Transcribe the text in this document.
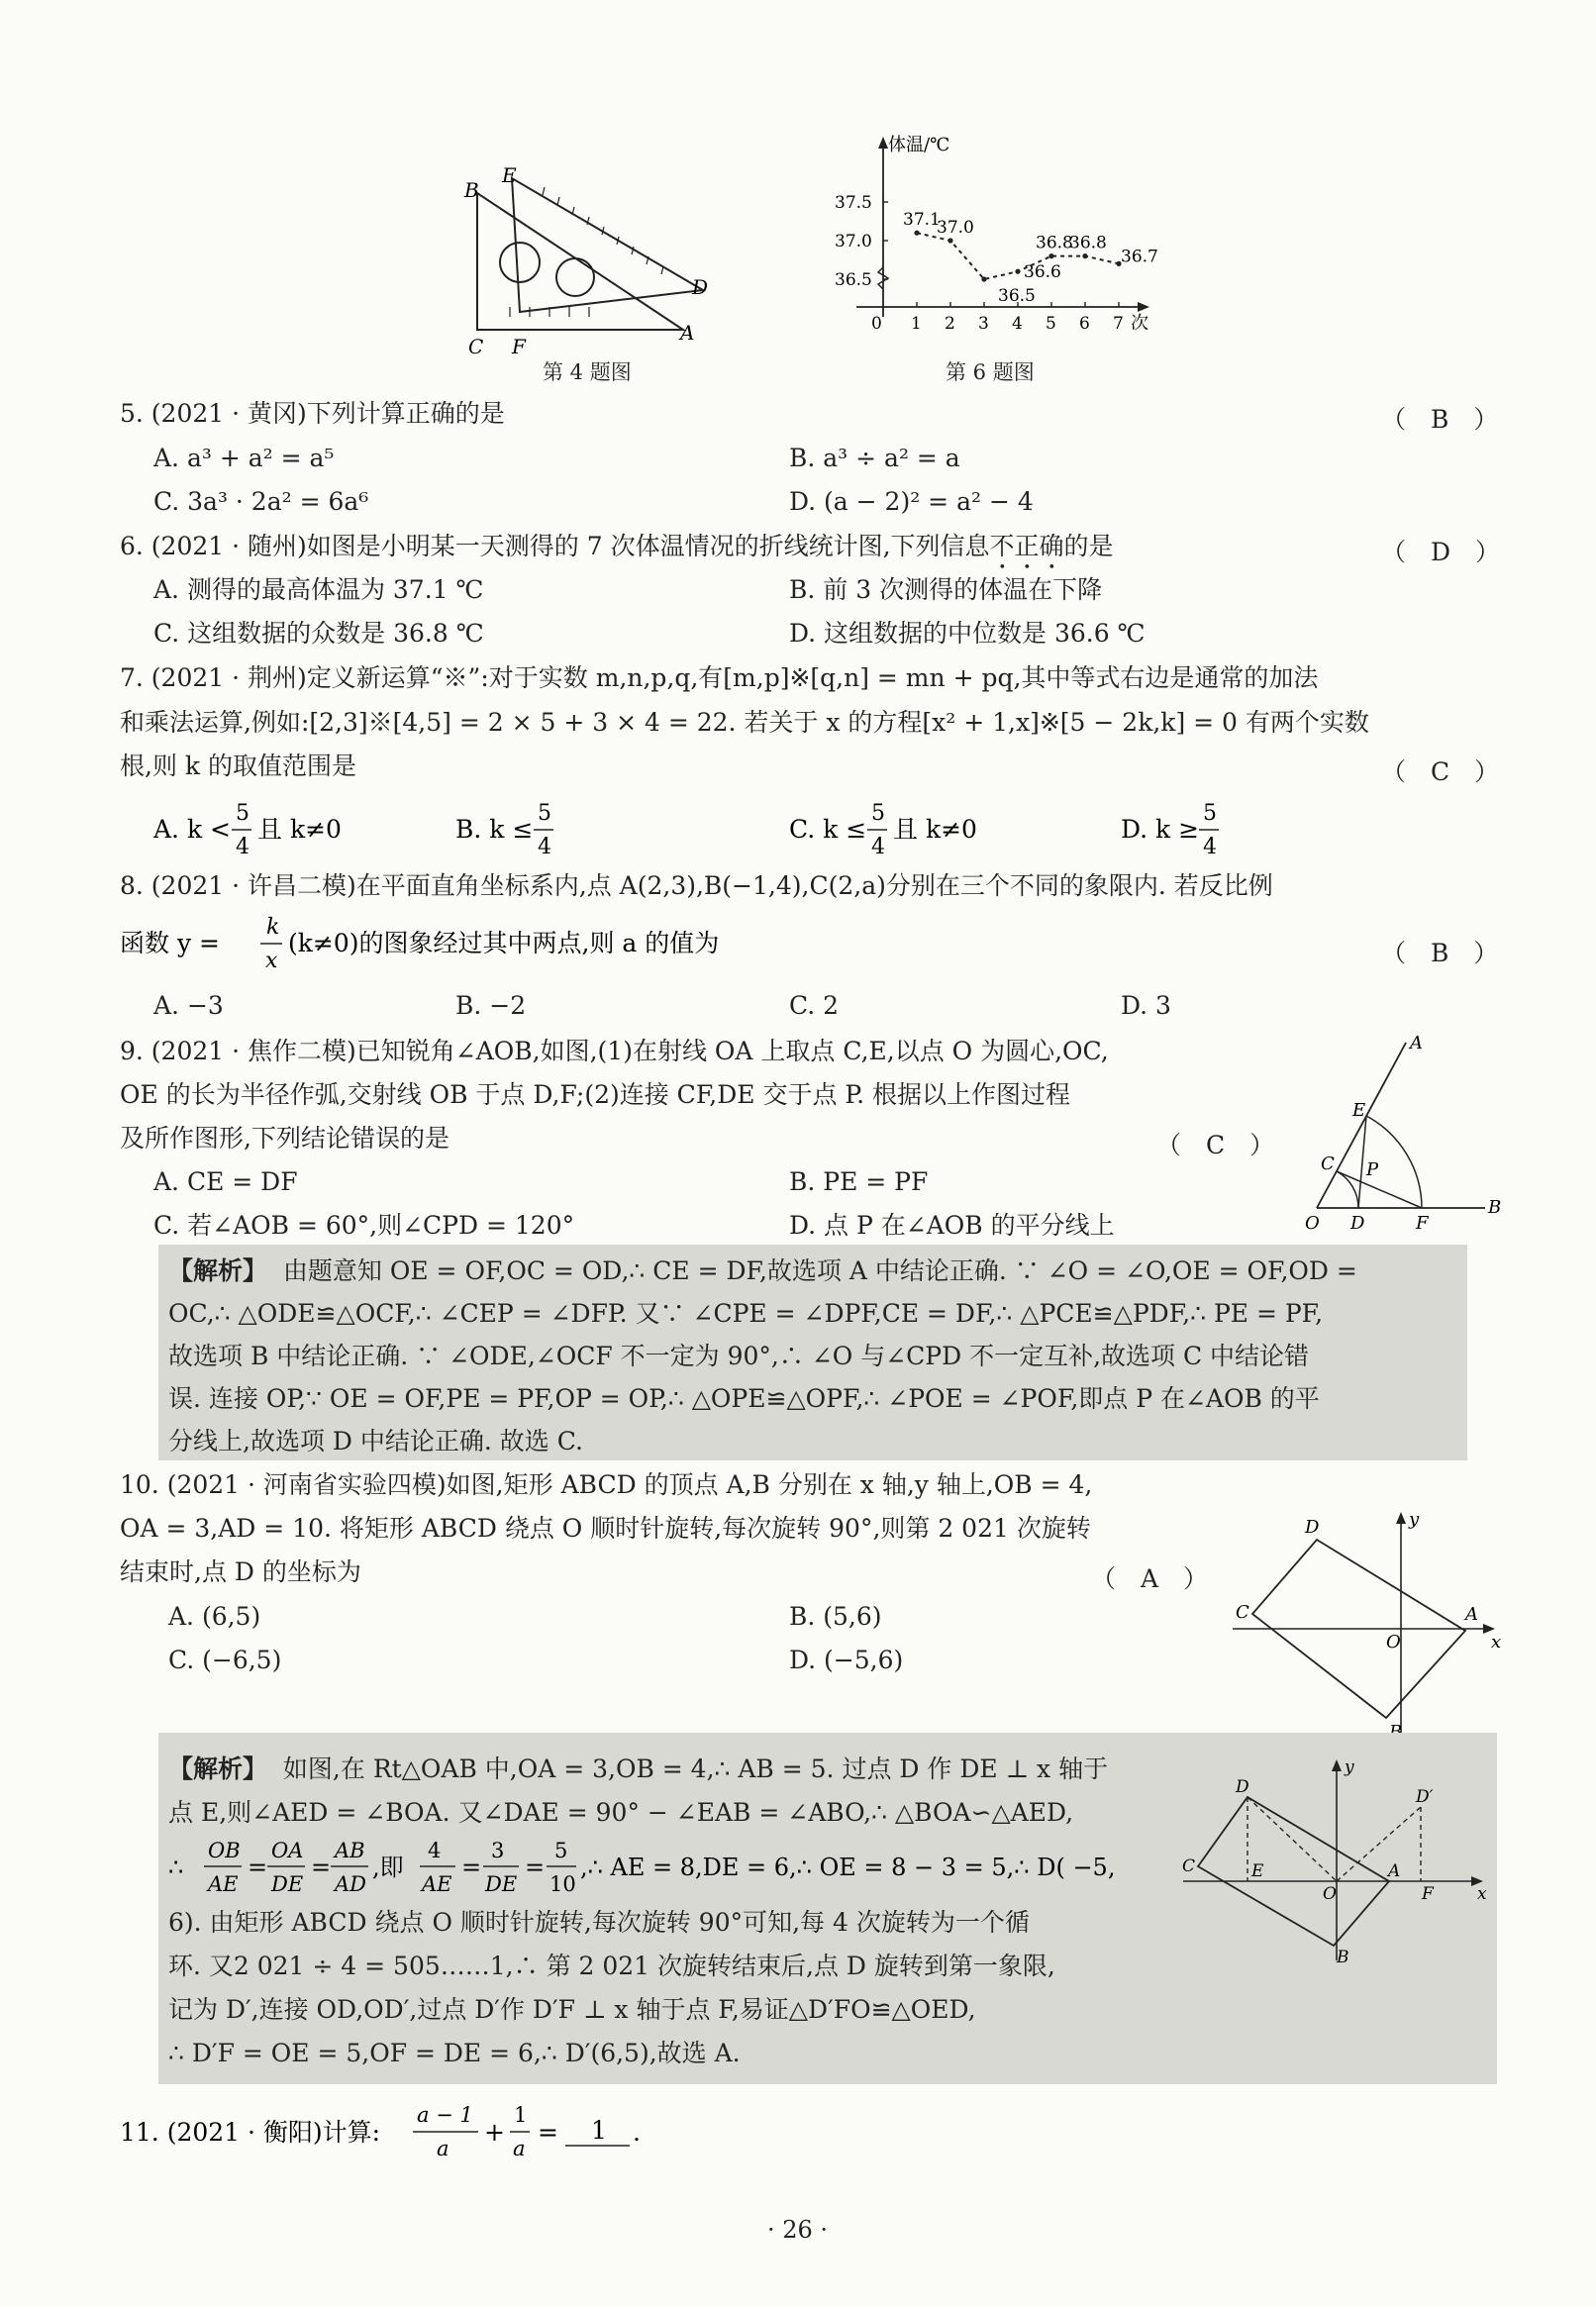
B
E
C F
A
D
第 4 题图
体温/℃
次
0 1 2 3 4 5 6 7
36.5
37.0
37.5
37.1
37.0
36.5
36.6
36.8
36.8
36.7
第 6 题图
5. (2021 · 黄冈)下列计算正确的是	（　B　）
A. a³ + a² = a⁵	B. a³ ÷ a² = a
C. 3a³ · 2a² = 6a⁶	D. (a − 2)² = a² − 4
6. (2021 · 随州)如图是小明某一天测得的 7 次体温情况的折线统计图,下列信息不正确的是	（　D　）
A. 测得的最高体温为 37.1 ℃	B. 前 3 次测得的体温在下降
C. 这组数据的众数是 36.8 ℃	D. 这组数据的中位数是 36.6 ℃
7. (2021 · 荆州)定义新运算“※”:对于实数 m,n,p,q,有[m,p]※[q,n] = mn + pq,其中等式右边是通常的加法
和乘法运算,例如:[2,3]※[4,5] = 2 × 5 + 3 × 4 = 22. 若关于 x 的方程[x² + 1,x]※[5 − 2k,k] = 0 有两个实数
根,则 k 的取值范围是	（　C　）
A. k <
5
4
且 k≠0	B. k ≤
5
4
C. k ≤
5
4
且 k≠0	D. k ≥
5
4
8. (2021 · 许昌二模)在平面直角坐标系内,点 A(2,3),B(−1,4),C(2,a)分别在三个不同的象限内. 若反比例
函数 y =
k
x
(k≠0)的图象经过其中两点,则 a 的值为	（　B　）
A. −3	B. −2	C. 2	D. 3
9. (2021 · 焦作二模)已知锐角∠AOB,如图,(1)在射线 OA 上取点 C,E,以点 O 为圆心,OC,
OE 的长为半径作弧,交射线 OB 于点 D,F;(2)连接 CF,DE 交于点 P. 根据以上作图过程
及所作图形,下列结论错误的是	（　C　）
A. CE = DF	B. PE = PF
C. 若∠AOB = 60°,则∠CPD = 120°	D. 点 P 在∠AOB 的平分线上
A
E
C P
O D	F
B
【解析】 由题意知 OE = OF,OC = OD,∴ CE = DF,故选项 A 中结论正确. ∵ ∠O = ∠O,OE = OF,OD =
OC,∴ △ODE≌△OCF,∴ ∠CEP = ∠DFP. 又∵ ∠CPE = ∠DPF,CE = DF,∴ △PCE≌△PDF,∴ PE = PF,
故选项 B 中结论正确. ∵ ∠ODE,∠OCF 不一定为 90°,∴ ∠O 与∠CPD 不一定互补,故选项 C 中结论错
误. 连接 OP,∵ OE = OF,PE = PF,OP = OP,∴ △OPE≌△OPF,∴ ∠POE = ∠POF,即点 P 在∠AOB 的平
分线上,故选项 D 中结论正确. 故选 C.
10. (2021 · 河南省实验四模)如图,矩形 ABCD 的顶点 A,B 分别在 x 轴,y 轴上,OB = 4,
OA = 3,AD = 10. 将矩形 ABCD 绕点 O 顺时针旋转,每次旋转 90°,则第 2 021 次旋转
结束时,点 D 的坐标为	（　A　）
A. (6,5)	B. (5,6)
C. (−6,5)	D. (−5,6)
y
D
C	A
O	x
【解析】 如图,在 Rt△OAB 中,OA = 3,OB = 4,∴ AB = 5. 过点 D 作 DE ⊥ x 轴于
点 E,则∠AED = ∠BOA. 又∠DAE = 90° − ∠EAB = ∠ABO,∴ △BOA∽△AED,
∴
OB
AE
=
OA
DE
=
AB
AD
,即
4
AE
=
3
DE
=
5
10
,∴ AE = 8,DE = 6,∴ OE = 8 − 3 = 5,∴ D( −5,
6). 由矩形 ABCD 绕点 O 顺时针旋转,每次旋转 90°可知,每 4 次旋转为一个循
环. 又2 021 ÷ 4 = 505……1,∴ 第 2 021 次旋转结束后,点 D 旋转到第一象限,
记为 D′,连接 OD,OD′,过点 D′作 D′F ⊥ x 轴于点 F,易证△D′FO≌△OED,
∴ D′F = OE = 5,OF = DE = 6,∴ D′(6,5),故选 A.
y
D	D′
C	E
O
A
F	x
B
11. (2021 · 衡阳)计算:
a − 1
a
+
1
a
= 1 .
· 26 ·
